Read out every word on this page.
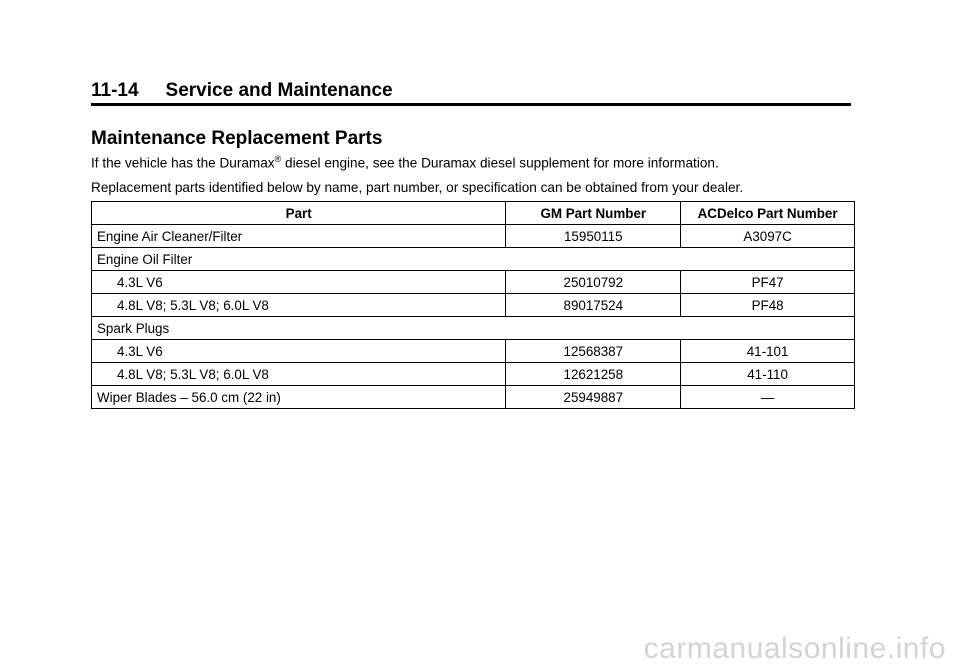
11-14 Service and Maintenance
Maintenance Replacement Parts

If the vehicle has the Duramax® diesel engine, see the Duramax diesel supplement for more information.

Replacement parts identified below by name, part number, or specification can be obtained from your dealer.

Part	GM Part Number	ACDelco Part Number
Engine Air Cleaner/Filter	15950115	A3097C
Engine Oil Filter		
4.3L V6	25010792	PF47
4.8L V8; 5.3L V8; 6.0L V8	89017524	PF48
Spark Plugs		
4.3L V6	12568387	41-101
4.8L V8; 5.3L V8; 6.0L V8	12621258	41-110
Wiper Blades – 56.0 cm (22 in)	25949887	—
carmanualsonline.info
